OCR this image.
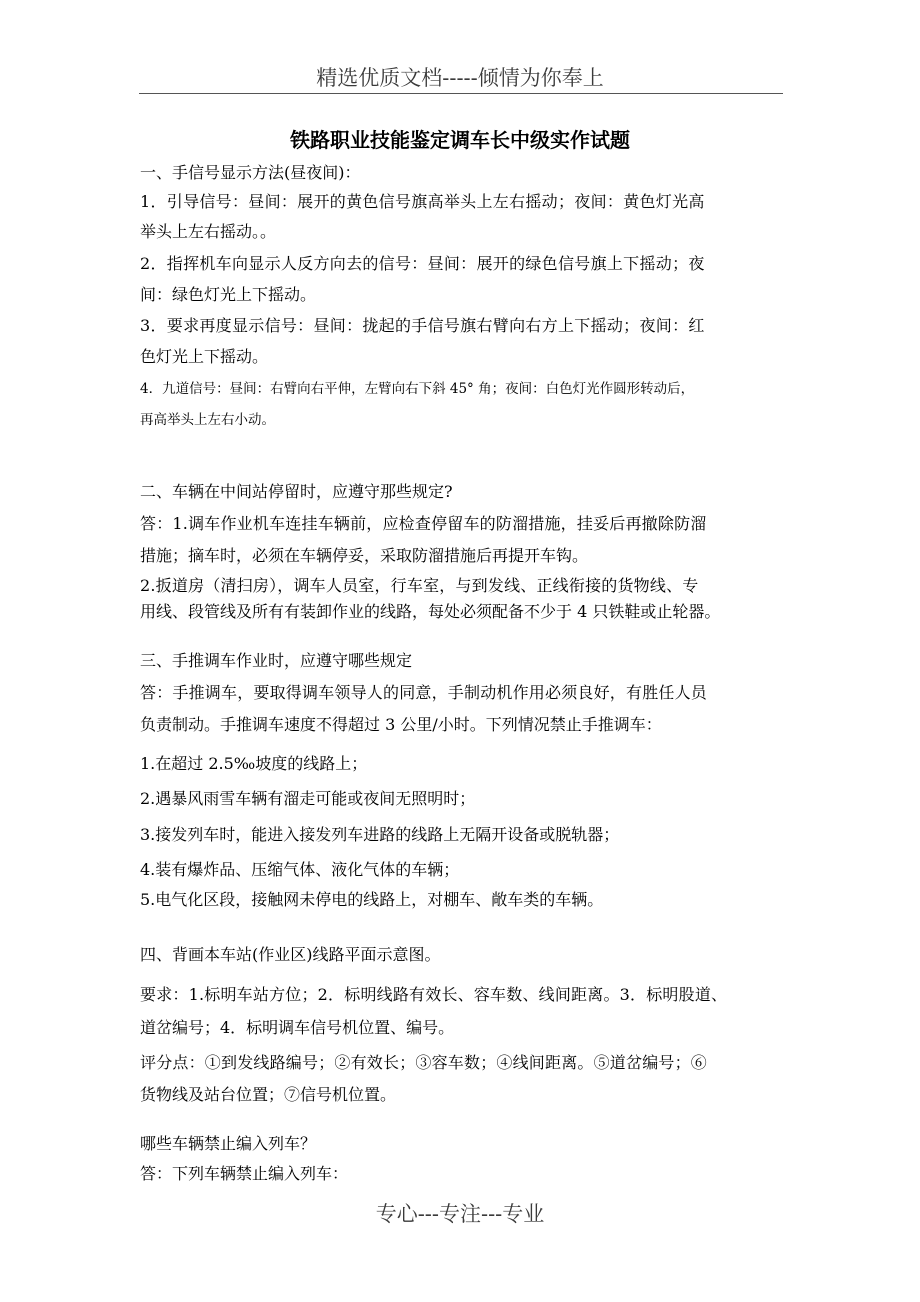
精选优质文档-----倾情为你奉上
铁路职业技能鉴定调车长中级实作试题
一、手信号显示方法(昼夜间)：
1．引导信号：昼间：展开的黄色信号旗高举头上左右摇动；夜间：黄色灯光高
举头上左右摇动。。
2．指挥机车向显示人反方向去的信号：昼间：展开的绿色信号旗上下摇动；夜
间：绿色灯光上下摇动。
3．要求再度显示信号：昼间：拢起的手信号旗右臂向右方上下摇动；夜间：红
色灯光上下摇动。
4．九道信号：昼间：右臂向右平伸，左臂向右下斜 45° 角；夜间：白色灯光作圆形转动后，
再高举头上左右小动。
二、车辆在中间站停留时，应遵守那些规定?
答：1.调车作业机车连挂车辆前，应检查停留车的防溜措施，挂妥后再撤除防溜
措施；摘车时，必须在车辆停妥，采取防溜措施后再提开车钩。
2.扳道房（清扫房），调车人员室，行车室，与到发线、正线衔接的货物线、专
用线、段管线及所有有装卸作业的线路，每处必须配备不少于 4 只铁鞋或止轮器。
三、手推调车作业时，应遵守哪些规定
答：手推调车，要取得调车领导人的同意，手制动机作用必须良好，有胜任人员
负责制动。手推调车速度不得超过 3 公里/小时。下列情况禁止手推调车：
1.在超过 2.5‰坡度的线路上；
2.遇暴风雨雪车辆有溜走可能或夜间无照明时；
3.接发列车时，能进入接发列车进路的线路上无隔开设备或脱轨器；
4.装有爆炸品、压缩气体、液化气体的车辆；
5.电气化区段，接触网未停电的线路上，对棚车、敞车类的车辆。
四、背画本车站(作业区)线路平面示意图。
要求：1.标明车站方位；2．标明线路有效长、容车数、线间距离。3．标明股道、
道岔编号；4．标明调车信号机位置、编号。
评分点：①到发线路编号；②有效长；③容车数；④线间距离。⑤道岔编号；⑥
货物线及站台位置；⑦信号机位置。
哪些车辆禁止编入列车？
答：下列车辆禁止编入列车：
专心---专注---专业
